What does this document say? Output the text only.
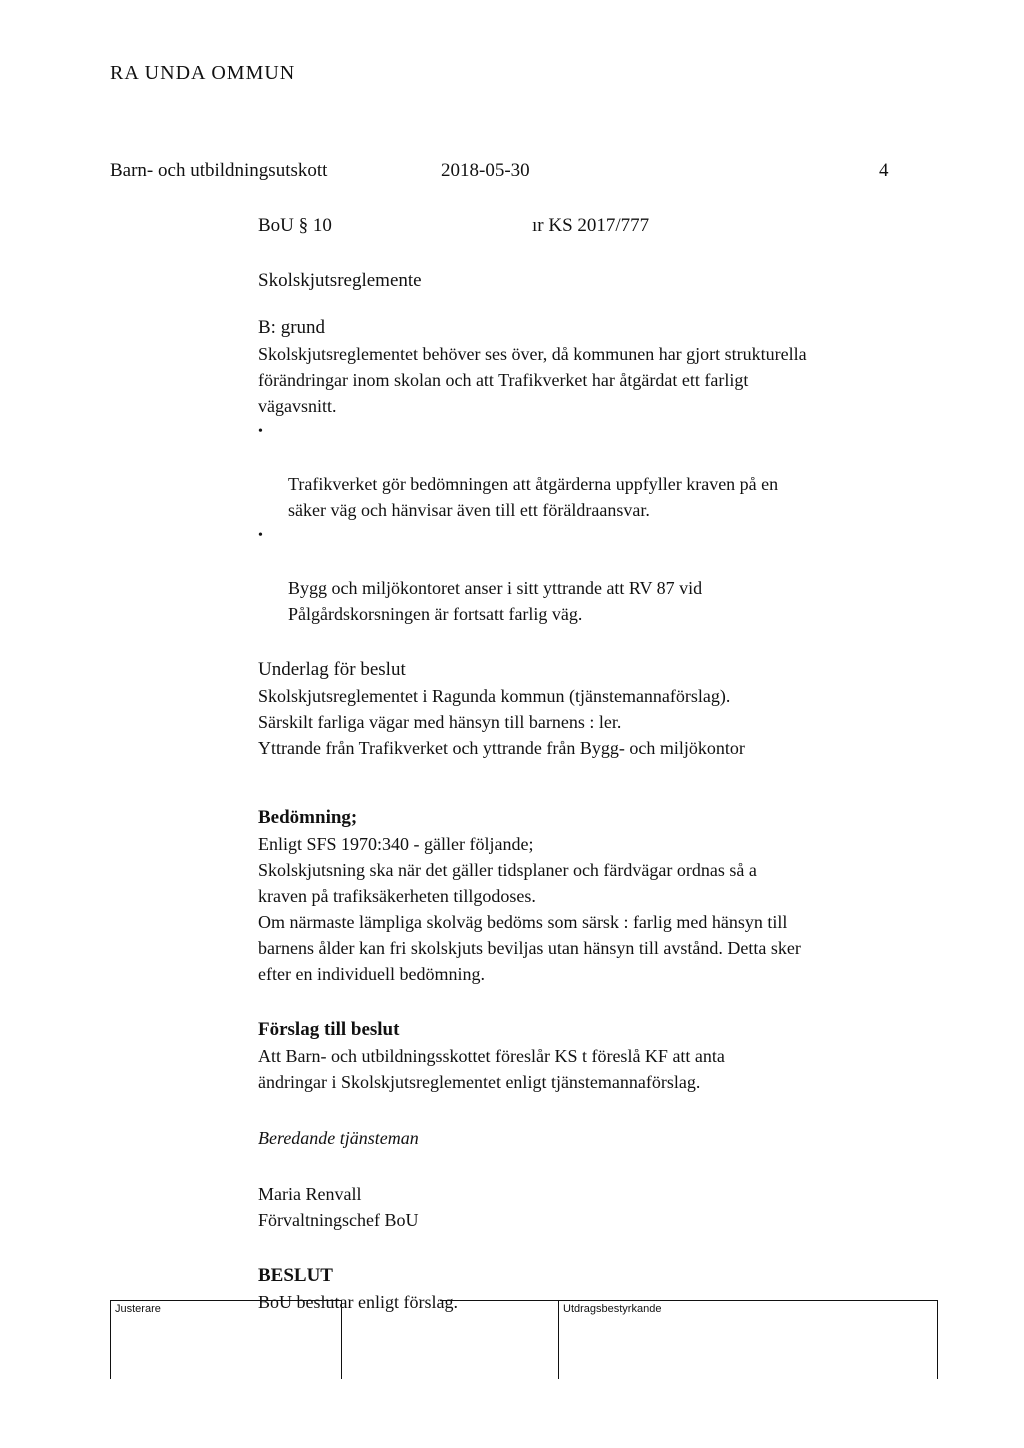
RA UNDA OMMUN
Barn- och utbildningsutskott	2018-05-30	4
BoU § 10	ır KS 2017/777
Skolskjutsreglemente
B: grund

Skolskjutsreglementet behöver ses över, då kommunen har gjort strukturella
förändringar inom skolan och att Trafikverket har åtgärdat ett farligt
vägavsnitt.

•

Trafikverket gör bedömningen att åtgärderna uppfyller kraven på en
säker väg och hänvisar även till ett föräldraansvar.

•

Bygg och miljökontoret anser i sitt yttrande att RV 87 vid
Pålgårdskorsningen är fortsatt farlig väg.

Underlag för beslut

Skolskjutsreglementet i Ragunda kommun (tjänstemannaförslag).

Särskilt farliga vägar med hänsyn till barnens : ler.

Yttrande från Trafikverket och yttrande från Bygg- och miljökontor

Bedömning;

Enligt SFS 1970:340 - gäller följande;

Skolskjutsning ska när det gäller tidsplaner och färdvägar ordnas så a
kraven på trafiksäkerheten tillgodoses.

Om närmaste lämpliga skolväg bedöms som särsk : farlig med hänsyn till
barnens ålder kan fri skolskjuts beviljas utan hänsyn till avstånd. Detta sker
efter en individuell bedömning.

Förslag till beslut

Att Barn- och utbildningsskottet föreslår KS t föreslå KF att anta
ändringar i Skolskjutsreglementet enligt tjänstemannaförslag.

Beredande tjänsteman

Maria Renvall

Förvaltningschef BoU

BESLUT

BoU beslutar enligt förslag.

Justerare	Utdragsbestyrkande
